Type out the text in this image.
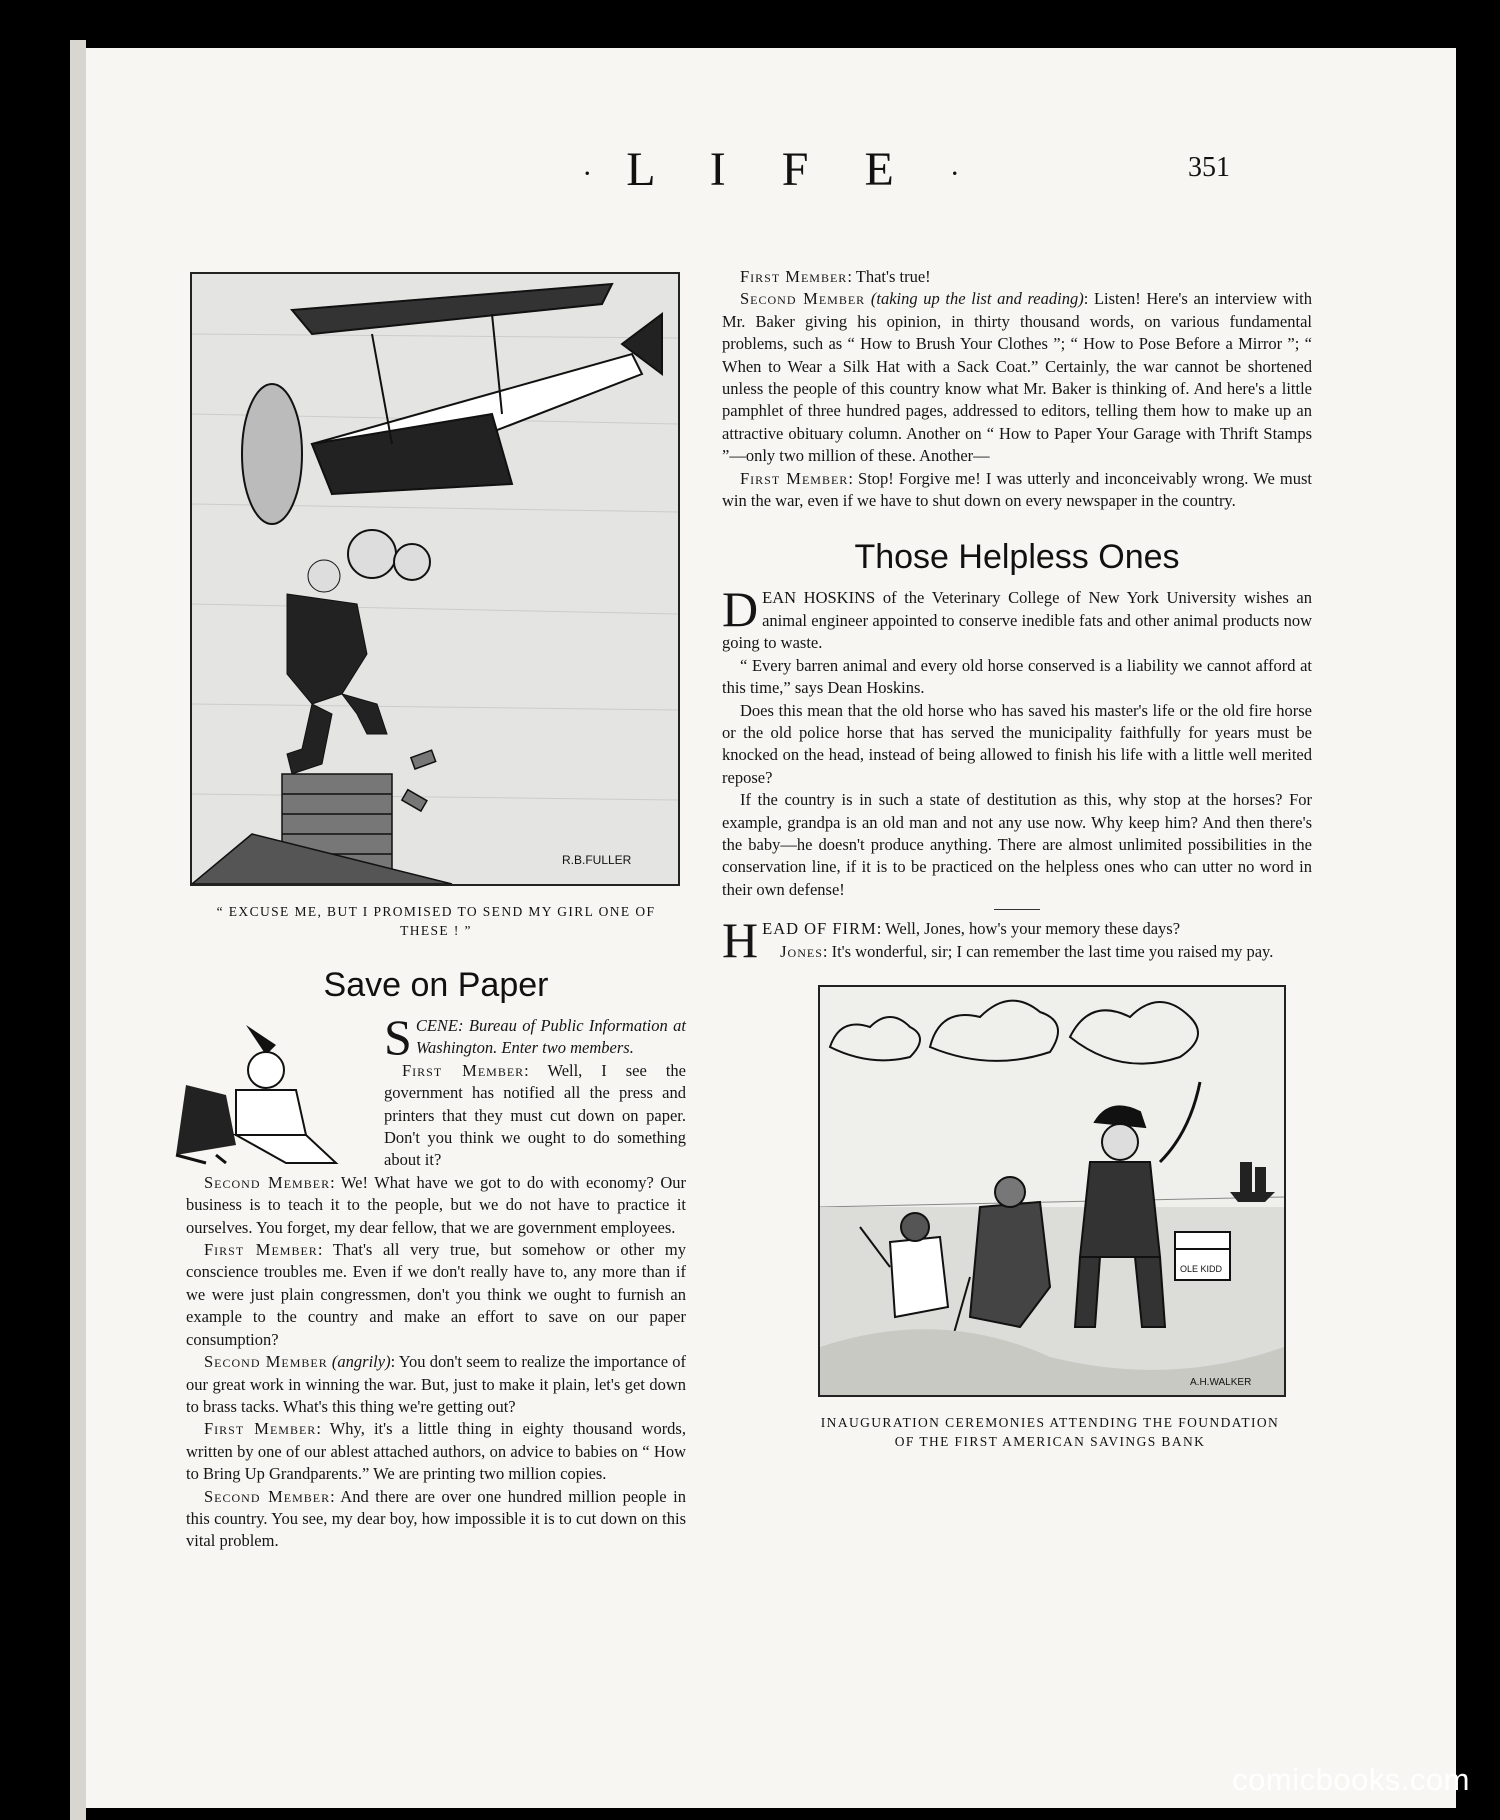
· L I F E ·	351
R.B.FULLER
“ EXCUSE ME, BUT I PROMISED TO SEND MY GIRL ONE OF THESE ! ”
Save on Paper

SCENE: Bureau of Public Information at Washington. Enter two members.

First Member: Well, I see the government has notified all the press and printers that they must cut down on paper. Don't you think we ought to do something about it?

Second Member: We! What have we got to do with economy? Our business is to teach it to the people, but we do not have to practice it ourselves. You forget, my dear fellow, that we are government employees.

First Member: That's all very true, but somehow or other my conscience troubles me. Even if we don't really have to, any more than if we were just plain congressmen, don't you think we ought to furnish an example to the country and make an effort to save on our paper consumption?

Second Member (angrily): You don't seem to realize the importance of our great work in winning the war. But, just to make it plain, let's get down to brass tacks. What's this thing we're getting out?

First Member: Why, it's a little thing in eighty thousand words, written by one of our ablest attached authors, on advice to babies on “ How to Bring Up Grandparents.” We are printing two million copies.

Second Member: And there are over one hundred million people in this country. You see, my dear boy, how impossible it is to cut down on this vital problem.

First Member: That's true!

Second Member (taking up the list and reading): Listen! Here's an interview with Mr. Baker giving his opinion, in thirty thousand words, on various fundamental problems, such as “ How to Brush Your Clothes ”; “ How to Pose Before a Mirror ”; “ When to Wear a Silk Hat with a Sack Coat.” Certainly, the war cannot be shortened unless the people of this country know what Mr. Baker is thinking of. And here's a little pamphlet of three hundred pages, addressed to editors, telling them how to make up an attractive obituary column. Another on “ How to Paper Your Garage with Thrift Stamps ”—only two million of these. Another—

First Member: Stop! Forgive me! I was utterly and inconceivably wrong. We must win the war, even if we have to shut down on every newspaper in the country.

Those Helpless Ones

DEAN HOSKINS of the Veterinary College of New York University wishes an animal engineer appointed to conserve inedible fats and other animal products now going to waste.

“ Every barren animal and every old horse conserved is a liability we cannot afford at this time,” says Dean Hoskins.

Does this mean that the old horse who has saved his master's life or the old fire horse or the old police horse that has served the municipality faithfully for years must be knocked on the head, instead of being allowed to finish his life with a little well merited repose?

If the country is in such a state of destitution as this, why stop at the horses? For example, grandpa is an old man and not any use now. Why keep him? And then there's the baby—he doesn't produce anything. There are almost unlimited possibilities in the conservation line, if it is to be practiced on the helpless ones who can utter no word in their own defense!

HEAD OF FIRM: Well, Jones, how's your memory these days?

Jones: It's wonderful, sir; I can remember the last time you raised my pay.

OLE KIDD
A.H.WALKER
INAUGURATION CEREMONIES ATTENDING THE FOUNDATION
OF THE FIRST AMERICAN SAVINGS BANK
comicbooks.com
